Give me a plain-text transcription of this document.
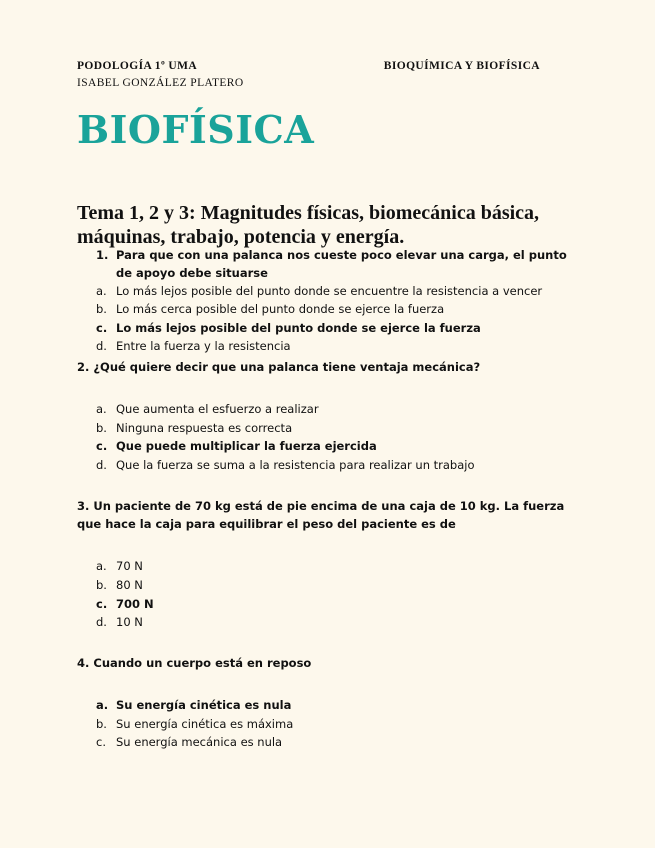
PODOLOGÍA 1º UMA
ISABEL GONZÁLEZ PLATERO
BIOQUÍMICA Y BIOFÍSICA
BIOFÍSICA
Tema 1, 2 y 3: Magnitudes físicas, biomecánica básica, máquinas, trabajo, potencia y energía.
1. Para que con una palanca nos cueste poco elevar una carga, el punto
de apoyo debe situarse
a. Lo más lejos posible del punto donde se encuentre la resistencia a vencer
b. Lo más cerca posible del punto donde se ejerce la fuerza
c. Lo más lejos posible del punto donde se ejerce la fuerza
d. Entre la fuerza y la resistencia
2. ¿Qué quiere decir que una palanca tiene ventaja mecánica?
a. Que aumenta el esfuerzo a realizar
b. Ninguna respuesta es correcta
c. Que puede multiplicar la fuerza ejercida
d. Que la fuerza se suma a la resistencia para realizar un trabajo
3. Un paciente de 70 kg está de pie encima de una caja de 10 kg. La fuerza
que hace la caja para equilibrar el peso del paciente es de
a. 70 N
b. 80 N
c. 700 N
d. 10 N
4. Cuando un cuerpo está en reposo
a. Su energía cinética es nula
b. Su energía cinética es máxima
c. Su energía mecánica es nula
